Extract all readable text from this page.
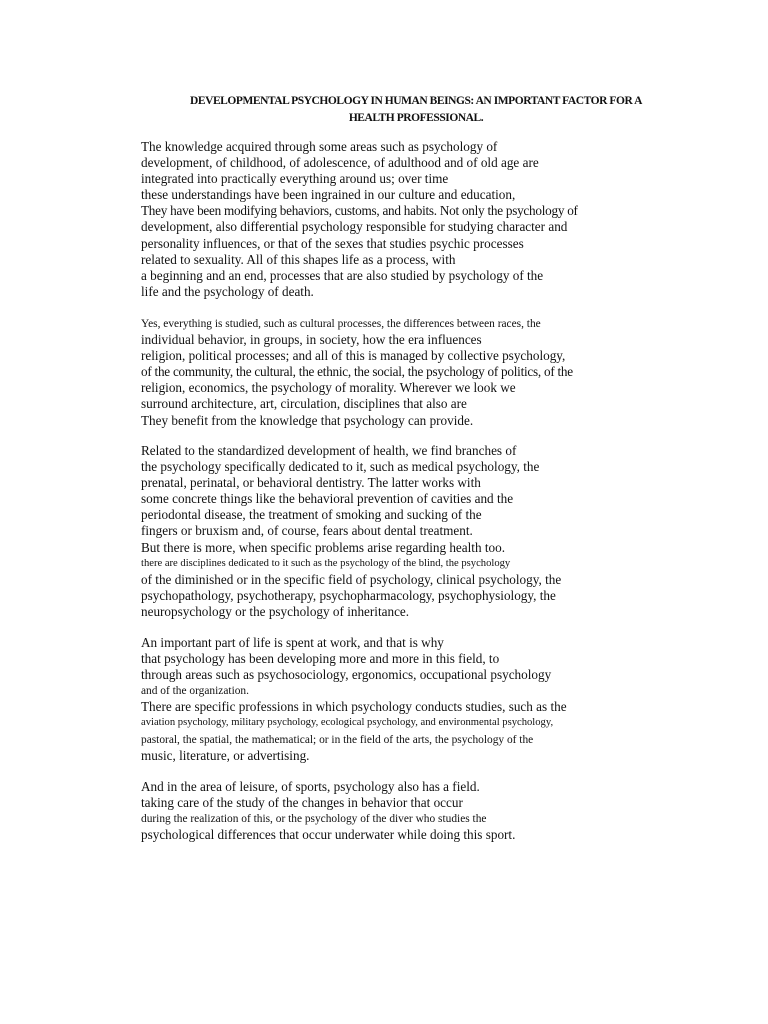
DEVELOPMENTAL PSYCHOLOGY IN HUMAN BEINGS: AN IMPORTANT FACTOR FOR A
HEALTH PROFESSIONAL.
The knowledge acquired through some areas such as psychology of
development, of childhood, of adolescence, of adulthood and of old age are
integrated into practically everything around us; over time
these understandings have been ingrained in our culture and education,
They have been modifying behaviors, customs, and habits. Not only the psychology of
development, also differential psychology responsible for studying character and
personality influences, or that of the sexes that studies psychic processes
related to sexuality. All of this shapes life as a process, with
a beginning and an end, processes that are also studied by psychology of the
life and the psychology of death.
Yes, everything is studied, such as cultural processes, the differences between races, the
individual behavior, in groups, in society, how the era influences
religion, political processes; and all of this is managed by collective psychology,
of the community, the cultural, the ethnic, the social, the psychology of politics, of the
religion, economics, the psychology of morality. Wherever we look we
surround architecture, art, circulation, disciplines that also are
They benefit from the knowledge that psychology can provide.
Related to the standardized development of health, we find branches of
the psychology specifically dedicated to it, such as medical psychology, the
prenatal, perinatal, or behavioral dentistry. The latter works with
some concrete things like the behavioral prevention of cavities and the
periodontal disease, the treatment of smoking and sucking of the
fingers or bruxism and, of course, fears about dental treatment.
But there is more, when specific problems arise regarding health too.
there are disciplines dedicated to it such as the psychology of the blind, the psychology
of the diminished or in the specific field of psychology, clinical psychology, the
psychopathology, psychotherapy, psychopharmacology, psychophysiology, the
neuropsychology or the psychology of inheritance.
An important part of life is spent at work, and that is why
that psychology has been developing more and more in this field, to
through areas such as psychosociology, ergonomics, occupational psychology
and of the organization.
There are specific professions in which psychology conducts studies, such as the
aviation psychology, military psychology, ecological psychology, and environmental psychology,
pastoral, the spatial, the mathematical; or in the field of the arts, the psychology of the
music, literature, or advertising.
And in the area of leisure, of sports, psychology also has a field.
taking care of the study of the changes in behavior that occur
during the realization of this, or the psychology of the diver who studies the
psychological differences that occur underwater while doing this sport.
